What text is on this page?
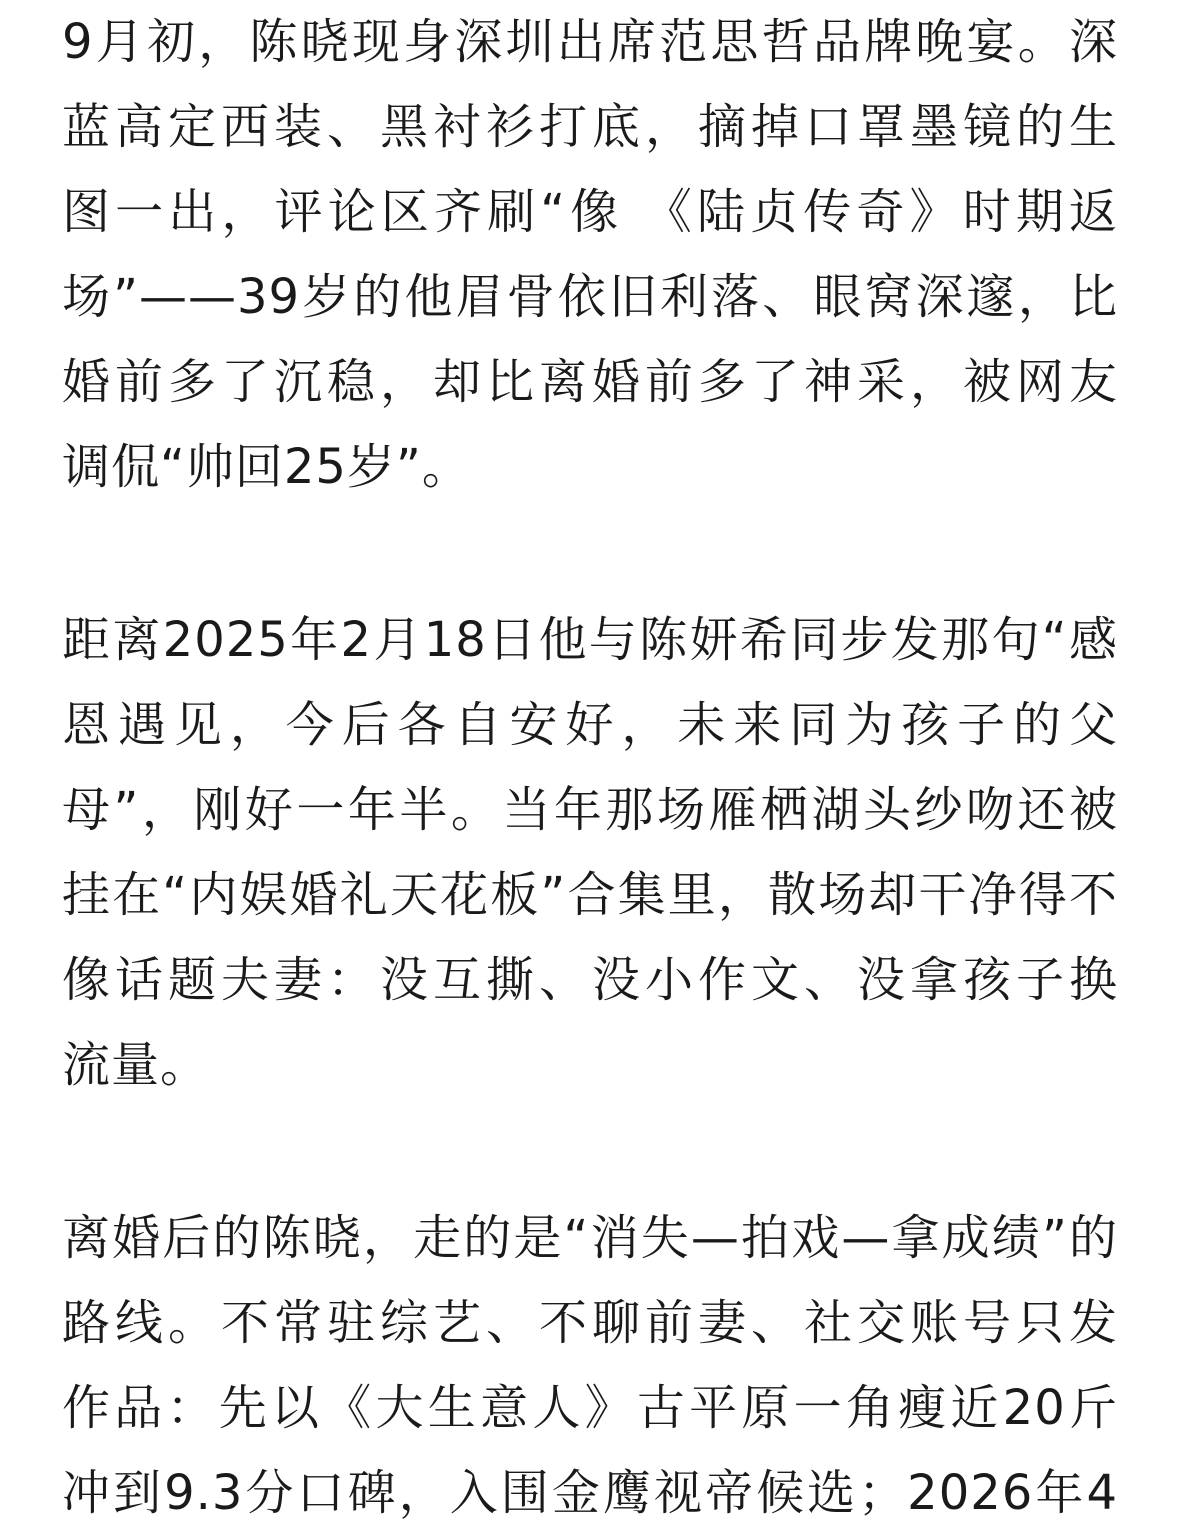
9月初，陈晓现身深圳出席范思哲品牌晚宴。深
蓝高定西装、黑衬衫打底，摘掉口罩墨镜的生
图一出，评论区齐刷“像 《陆贞传奇》时期返
场”——39岁的他眉骨依旧利落、眼窝深邃，比
婚前多了沉稳，却比离婚前多了神采，被网友
调侃“帅回25岁”。
距离2025年2月18日他与陈妍希同步发那句“感
恩遇见，今后各自安好，未来同为孩子的父
母”，刚好一年半。当年那场雁栖湖头纱吻还被
挂在“内娱婚礼天花板”合集里，散场却干净得不
像话题夫妻：没互撕、没小作文、没拿孩子换
流量。
离婚后的陈晓，走的是“消失—拍戏—拿成绩”的
路线。不常驻综艺、不聊前妻、社交账号只发
作品：先以《大生意人》古平原一角瘦近20斤
冲到9.3分口碑，入围金鹰视帝候选；2026年4
